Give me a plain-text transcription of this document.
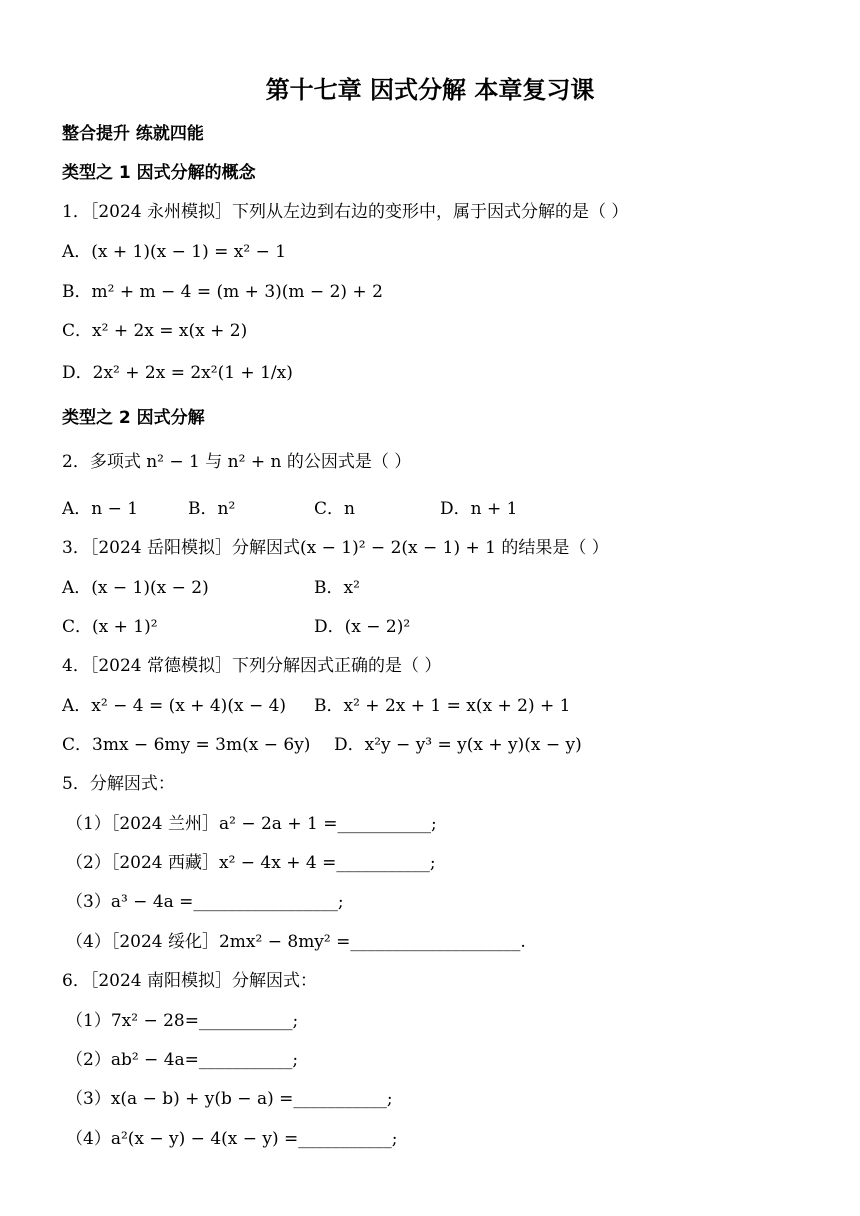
第十七章 因式分解 本章复习课
整合提升 练就四能
类型之 1 因式分解的概念
1．［2024 永州模拟］下列从左边到右边的变形中，属于因式分解的是（ ）
A．(x + 1)(x − 1) = x² − 1
B．m² + m − 4 = (m + 3)(m − 2) + 2
C．x² + 2x = x(x + 2)
D．2x² + 2x = 2x²(1 + 1/x)
类型之 2 因式分解
2．多项式 n² − 1 与 n² + n 的公因式是（ ）
A．n − 1	B．n²	C．n	D．n + 1
3．［2024 岳阳模拟］分解因式(x − 1)² − 2(x − 1) + 1 的结果是（ ）
A．(x − 1)(x − 2)	B．x²
C．(x + 1)²	D．(x − 2)²
4．［2024 常德模拟］下列分解因式正确的是（ ）
A．x² − 4 = (x + 4)(x − 4) B．x² + 2x + 1 = x(x + 2) + 1
C．3mx − 6my = 3m(x − 6y) D．x²y − y³ = y(x + y)(x − y)
5．分解因式：
（1）［2024 兰州］a² − 2a + 1 =___________;
（2）［2024 西藏］x² − 4x + 4 =___________;
（3）a³ − 4a =_________________;
（4）［2024 绥化］2mx² − 8my² =____________________.
6．［2024 南阳模拟］分解因式：
（1）7x² − 28=___________;
（2）ab² − 4a=___________;
（3）x(a − b) + y(b − a) =___________;
（4）a²(x − y) − 4(x − y) =___________;
